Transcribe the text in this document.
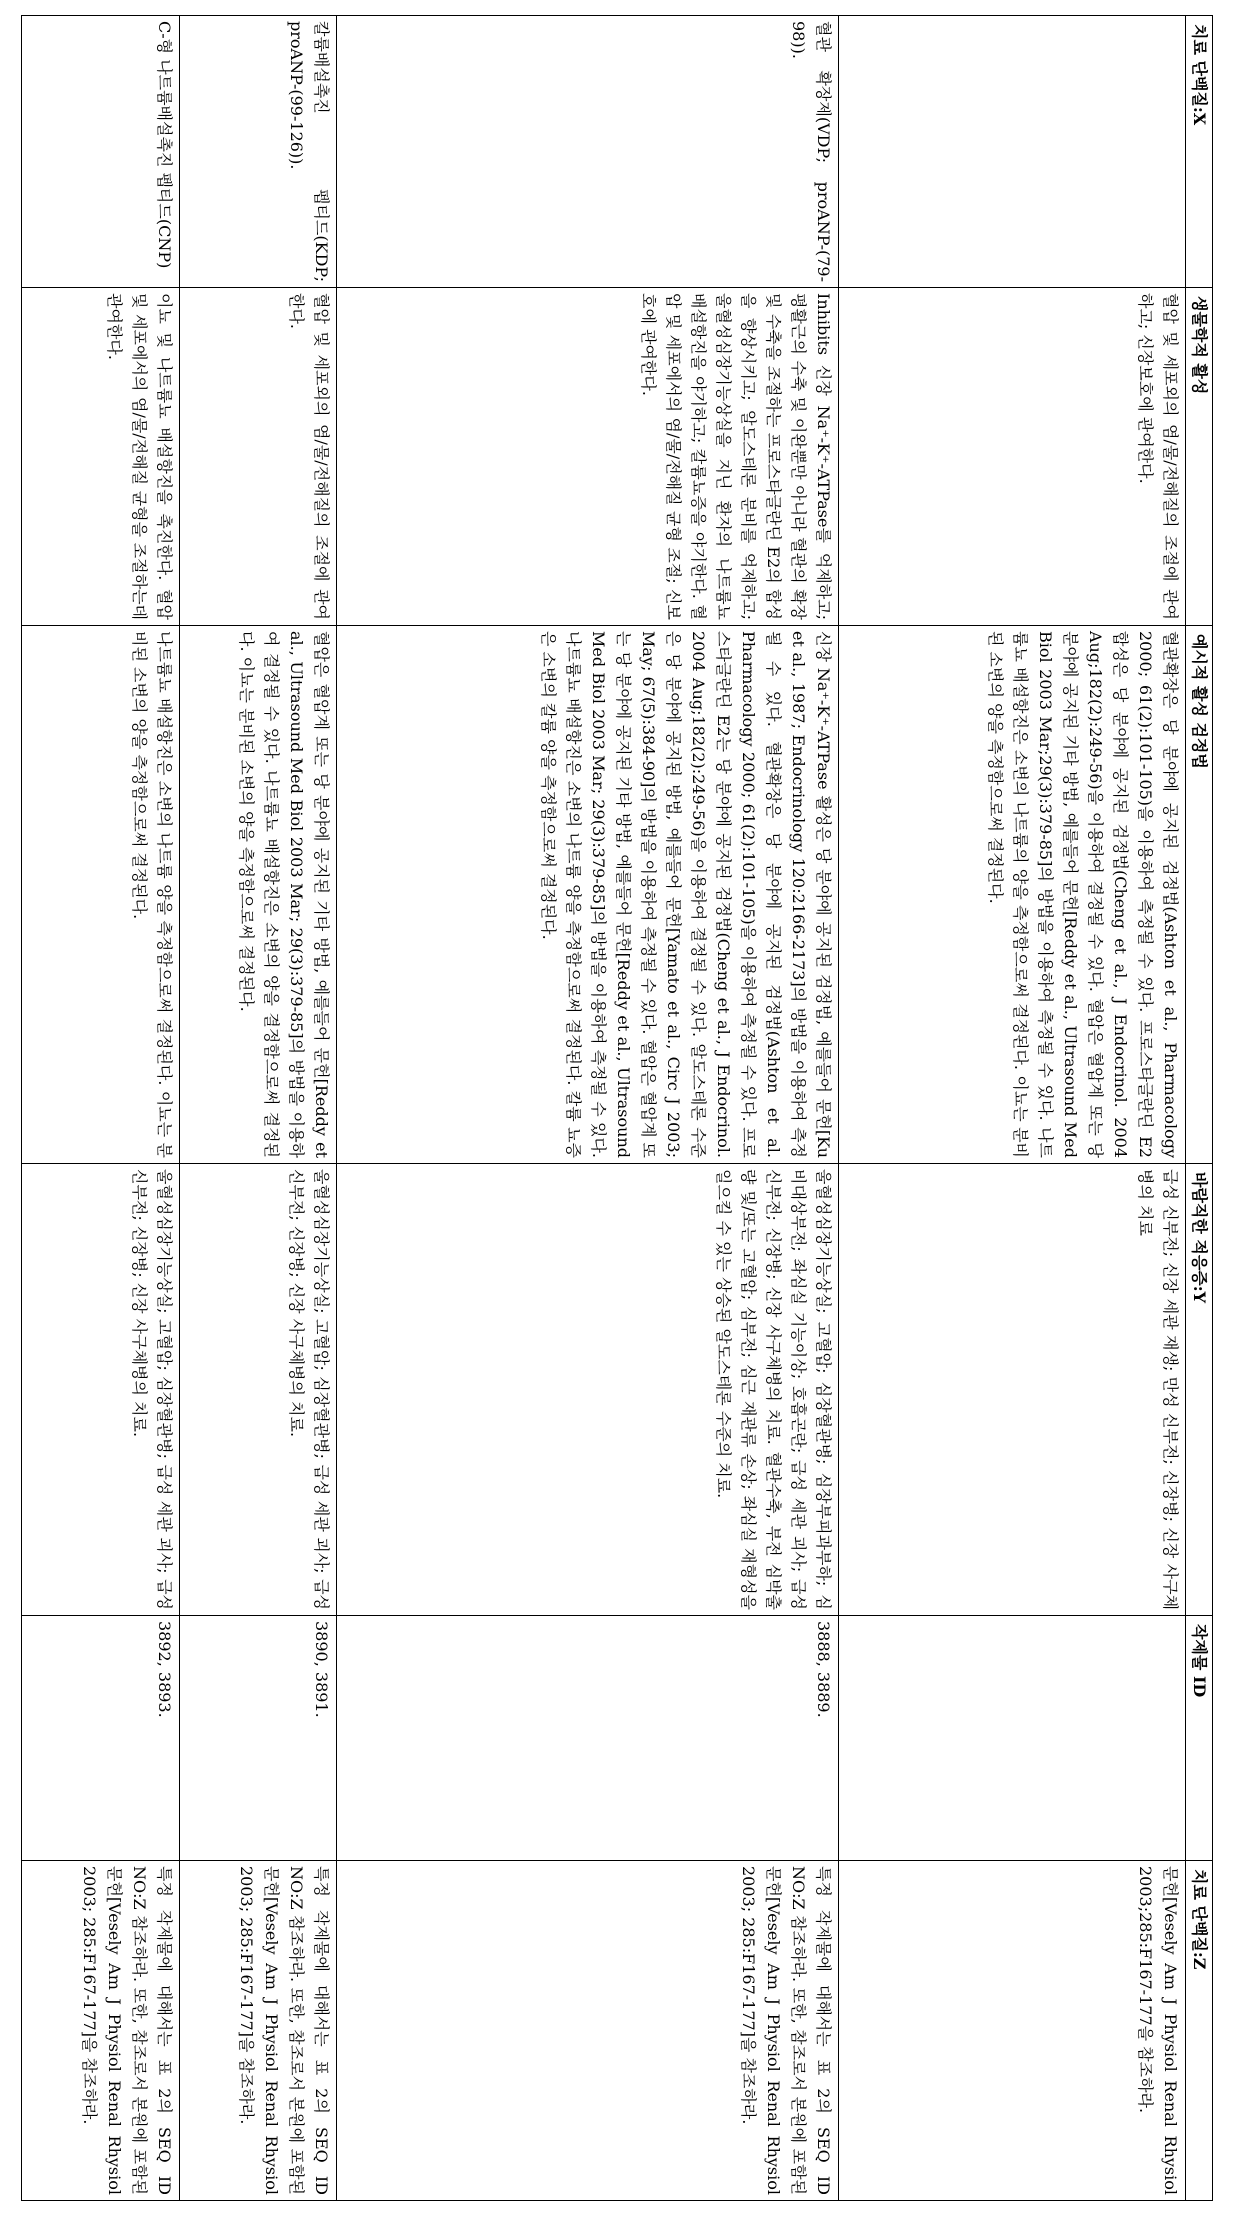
치료 단백질:X	생물학적 활성	예시적 활성 검정법	바람직한 적응증:Y	작제물 ID	치료 단백질:Z
	혈압 및 세포외의 염/물/전해질의 조절에 관여하고; 신장보호에 관여한다.	혈관확장은 당 분야에 공지된 검정법(Ashton et al., Pharmacology 2000; 61(2):101-105)을 이용하여 측정될 수 있다. 프로스타글란딘 E2 합성은 당 분야에 공지된 검정법(Cheng et al., J Endocrinol. 2004 Aug;182(2):249-56)을 이용하여 결정될 수 있다. 혈압은 혈압계 또는 당 분야에 공지된 기타 방법, 예를들어 문헌[Reddy et al., Ultrasound Med Biol 2003 Mar;29(3):379-85]의 방법을 이용하여 측정될 수 있다. 나트륨뇨 배설항진은 소변의 나트륨의 양을 측정함으로써 결정된다. 이뇨는 분비된 소변의 양을 측정함으로써 결정된다.	급성 신부전; 신장 세관 재생; 만성 신부전; 신장병; 신장 사구체병의 치료		문헌[Vesely Am J Physiol Renal Rhysiol 2003;285:F167-177을 참조하라.
혈관 확장제(VDP; proANP-(79-98)).	Inhibits 신장 Na⁺-K⁺-ATPase를 억제하고; 평활근의 수축 및 이완뿐만 아니라 혈관의 확장 및 수축을 조절하는 프로스타글란딘 E2의 합성을 향상시키고; 알도스테론 분비를 억제하고; 울혈성심장기능상실을 지닌 환자의 나트륨뇨 배설항진을 야기하고; 칼륨뇨증을 야기한다. 혈압 및 세포에서의 염/물/전해질 균형 조절; 신보호에 관여한다.	신장 Na⁺-K⁺-ATPase 활성은 당 분야에 공지된 검정법, 예를들어 문헌[Ku et al., 1987; Endocrinology 120:2166-2173]의 방법을 이용하여 측정될 수 있다. 혈관확장은 당 분야에 공지된 검정법(Ashton et al. Pharmacology 2000; 61(2):101-105)을 이용하여 측정될 수 있다. 프로스타글란딘 E2는 당 분야에 공지된 검정법(Cheng et al., J Endocrinol. 2004 Aug;182(2):249-56)을 이용하여 결정될 수 있다. 알도스테론 수준은 당 분야에 공지된 방법, 예를들어 문헌[Yamato et al., Circ J 2003; May; 67(5):384-90]의 방법을 이용하여 측정될 수 있다. 혈압은 혈압계 또는 당 분야에 공지된 기타 방법, 예를들어 문헌[Reddy et al., Ultrasound Med Biol 2003 Mar; 29(3):379-85]의 방법을 이용하여 측정될 수 있다. 나트륨뇨 배설항진은 소변의 나트륨 양을 측정함으로써 결정된다. 칼륨 뇨증은 소변의 칼륨 양을 측정함으로써 결정된다.	울혈성심장기능상실; 고혈압; 심장혈관병; 심장부피과부하; 심비대상부전; 좌심실 기능이상; 호흡곤란; 급성 세관 괴사; 급성 신부전; 신장병; 신장 사구체병의 치료. 혈관수축, 부전 심박출량 및/또는 고혈압; 심부전; 심근 재관류 손상; 좌심실 재형성을 일으킬 수 있는 상승된 알도스테론 수준의 치료.	3888, 3889.	특정 작제물에 대해서는 표 2의 SEQ ID NO:Z 참조하라. 또한, 참조로서 본원에 포함된 문헌[Vesely Am J Physiol Renal Rhysiol 2003; 285:F167-177]을 참조하라.
칼륨배설촉진 펩티드(KDP; proANP-(99-126)).	혈압 및 세포외의 염/물/전해질의 조절에 관여한다.	혈압은 혈압계 또는 당 분야에 공지된 기타 방법, 예를들어 문헌[Reddy et al., Ultrasound Med Biol 2003 Mar; 29(3):379-85]의 방법을 이용하여 결정될 수 있다. 나트륨뇨 배설항진은 소변의 양을 결정함으로써 결정된다. 이뇨는 분비된 소변의 양을 측정함으로써 결정된다.	울혈성심장기능상실; 고혈압; 심장혈관병; 급성 세관 괴사; 급성 신부전; 신장병; 신장 사구체병의 치료.	3890, 3891.	특정 작제물에 대해서는 표 2의 SEQ ID NO:Z 참조하라. 또한, 참조로서 본원에 포함된 문헌[Vesely Am J Physiol Renal Rhysiol 2003; 285:F167-177]을 참조하라.
C-형 나트륨배설촉진 펩티드(CNP)	이뇨 및 나트륨뇨 배설항진을 촉진한다. 혈압 및 세포에서의 염/물/전해질 균형을 조절하는데 관여한다.	나트륨뇨 배설항진은 소변의 나트륨 양을 측정함으로써 결정된다. 이뇨는 분비된 소변의 양을 측정함으로써 결정된다.	울혈성심장기능상실; 고혈압; 심장혈관병; 급성 세관 괴사; 급성 신부전; 신장병; 신장 사구체병의 치료.	3892, 3893.	특정 작제물에 대해서는 표 2의 SEQ ID NO:Z 참조하라. 또한, 참조로서 본원에 포함된 문헌[Vesely Am J Physiol Renal Rhysiol 2003; 285:F167-177]을 참조하라.
